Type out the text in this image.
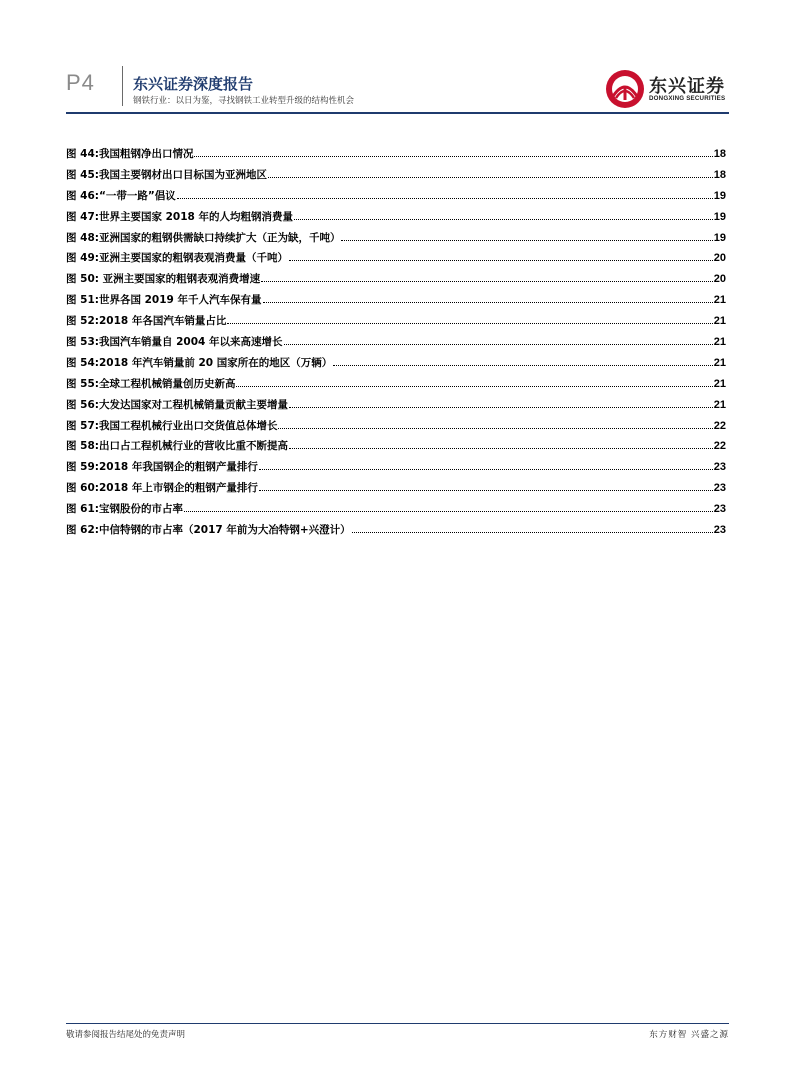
P4	东兴证券深度报告
钢铁行业：以日为鉴，寻找钢铁工业转型升级的结构性机会
东兴证券
DONGXING SECURITIES
图 44:我国粗钢净出口情况	18
图 45:我国主要钢材出口目标国为亚洲地区	18
图 46:“一带一路”倡议	19
图 47:世界主要国家 2018 年的人均粗钢消费量	19
图 48:亚洲国家的粗钢供需缺口持续扩大（正为缺，千吨）	19
图 49:亚洲主要国家的粗钢表观消费量（千吨）	20
图 50: 亚洲主要国家的粗钢表观消费增速	20
图 51:世界各国 2019 年千人汽车保有量	21
图 52:2018 年各国汽车销量占比	21
图 53:我国汽车销量自 2004 年以来高速增长	21
图 54:2018 年汽车销量前 20 国家所在的地区（万辆）	21
图 55:全球工程机械销量创历史新高	21
图 56:大发达国家对工程机械销量贡献主要增量	21
图 57:我国工程机械行业出口交货值总体增长	22
图 58:出口占工程机械行业的营收比重不断提高	22
图 59:2018 年我国钢企的粗钢产量排行	23
图 60:2018 年上市钢企的粗钢产量排行	23
图 61:宝钢股份的市占率	23
图 62:中信特钢的市占率（2017 年前为大冶特钢+兴澄计）	23
敬请参阅报告结尾处的免责声明	东方财智 兴盛之源
